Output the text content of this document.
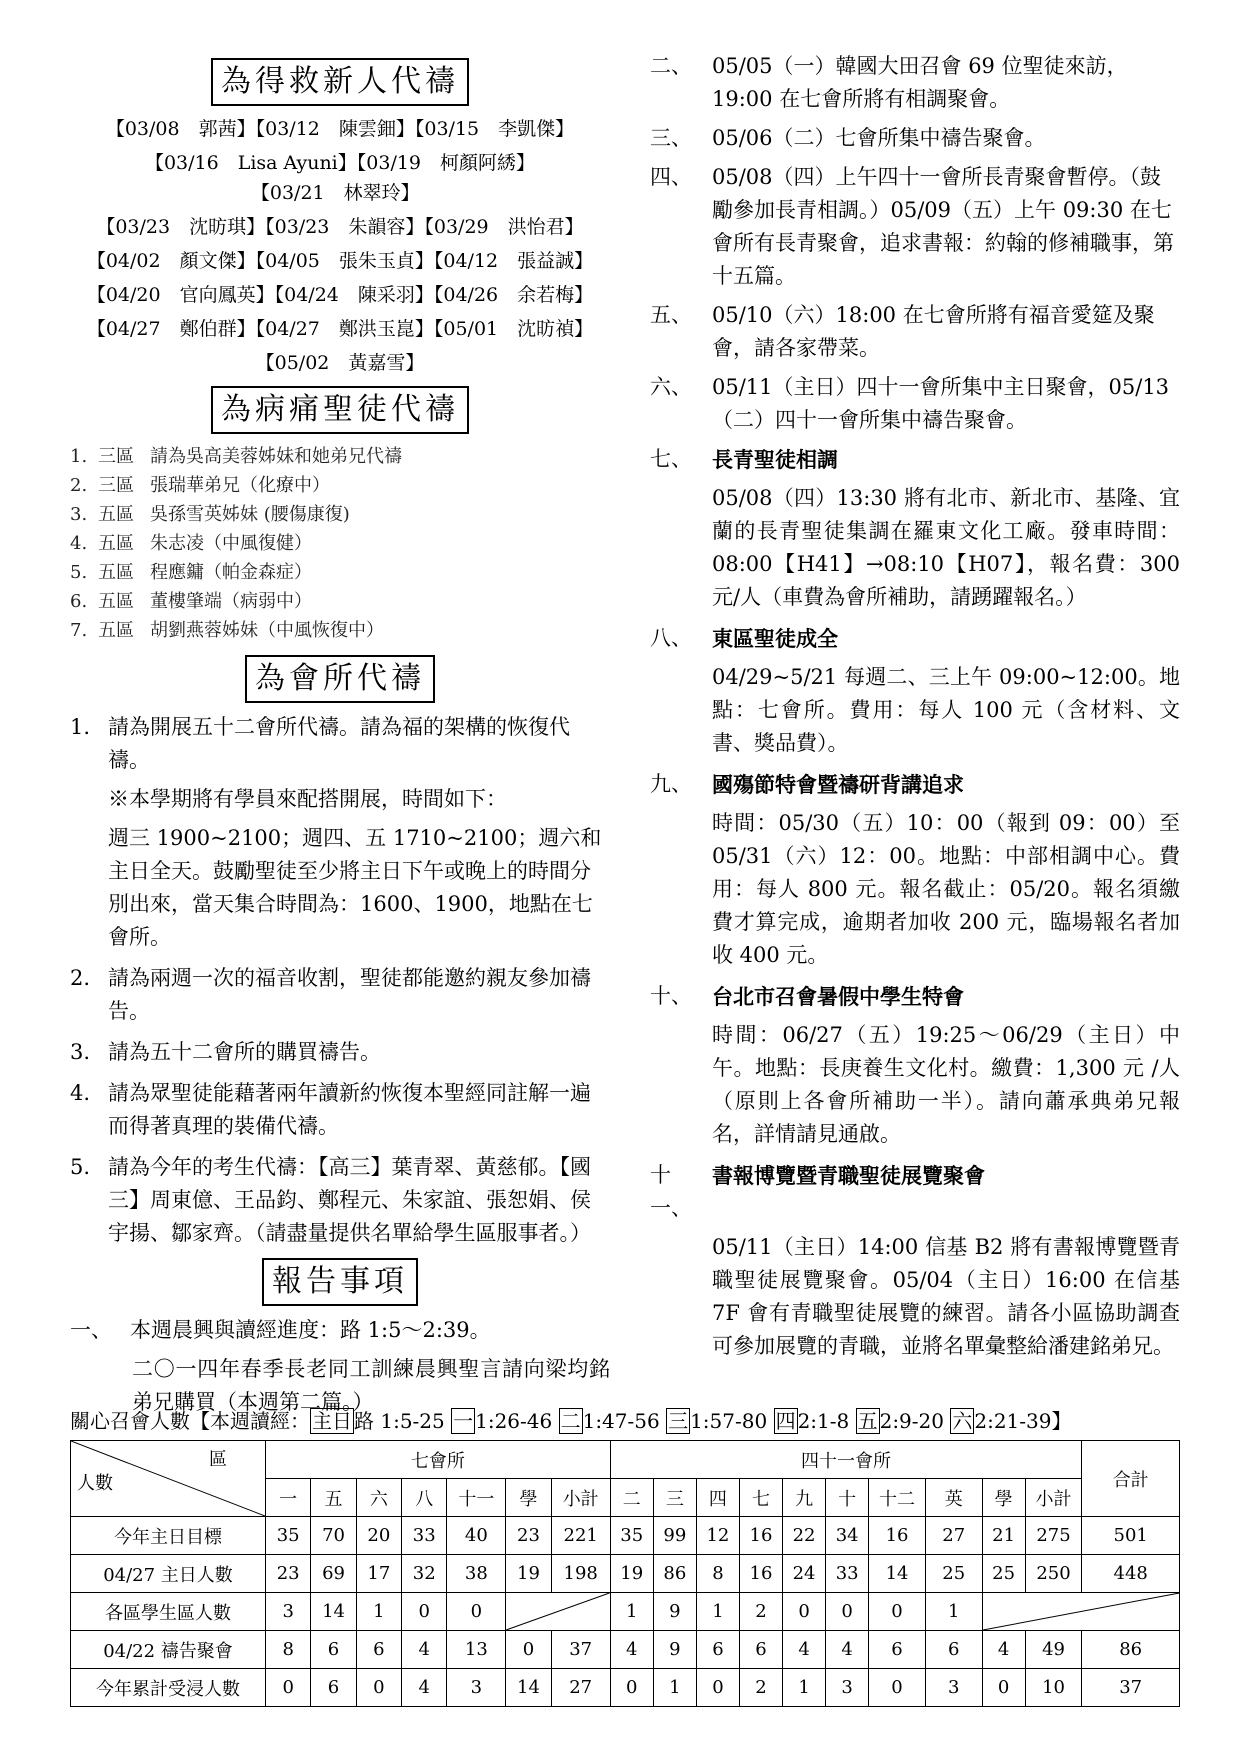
為得救新人代禱
【03/08　郭茜】【03/12　陳雲鈿】【03/15　李凱傑】
【03/16　Lisa Ayuni】【03/19　柯顏阿綉】【03/21　林翠玲】
【03/23　沈昉琪】【03/23　朱韻容】【03/29　洪怡君】
【04/02　顏文傑】【04/05　張朱玉貞】【04/12　張益誠】
【04/20　官向鳳英】【04/24　陳采羽】【04/26　余若梅】
【04/27　鄭伯群】【04/27　鄭洪玉崑】【05/01　沈昉禎】
【05/02　黃嘉雪】
為病痛聖徒代禱
1. 三區 請為吳高美蓉姊妹和她弟兄代禱
2. 三區 張瑞華弟兄（化療中）
3. 五區 吳孫雪英姊妹 (腰傷康復)
4. 五區 朱志凌（中風復健）
5. 五區 程應鏞（帕金森症）
6. 五區 董樓肇端（病弱中）
7. 五區 胡劉燕蓉姊妹（中風恢復中）
為會所代禱
1. 請為開展五十二會所代禱。請為福的架構的恢復代禱。
※本學期將有學員來配搭開展，時間如下：
週三 1900~2100；週四、五 1710~2100；週六和主日全天。鼓勵聖徒至少將主日下午或晚上的時間分別出來，當天集合時間為：1600、1900，地點在七會所。
2. 請為兩週一次的福音收割，聖徒都能邀約親友參加禱告。
3. 請為五十二會所的購買禱告。
4. 請為眾聖徒能藉著兩年讀新約恢復本聖經同註解一遍而得著真理的裝備代禱。
5. 請為今年的考生代禱：【高三】葉青翠、黃慈郁。【國三】周東億、王品鈞、鄭程元、朱家誼、張恕娟、侯宇揚、鄒家齊。（請盡量提供名單給學生區服事者。）
報告事項
一、 本週晨興與讀經進度：路 1:5～2:39。
二〇一四年春季長老同工訓練晨興聖言請向梁均銘弟兄購買（本週第二篇。）
二、 05/05（一）韓國大田召會 69 位聖徒來訪，19:00 在七會所將有相調聚會。
三、 05/06（二）七會所集中禱告聚會。
四、 05/08（四）上午四十一會所長青聚會暫停。（鼓勵參加長青相調。）05/09（五）上午 09:30 在七會所有長青聚會，追求書報：約翰的修補職事，第十五篇。
五、 05/10（六）18:00 在七會所將有福音愛筵及聚會，請各家帶菜。
六、 05/11（主日）四十一會所集中主日聚會，05/13（二）四十一會所集中禱告聚會。
七、 長青聖徒相調
05/08（四）13:30 將有北市、新北市、基隆、宜蘭的長青聖徒集調在羅東文化工廠。發車時間：08:00【H41】→08:10【H07】，報名費：300 元/人（車費為會所補助，請踴躍報名。）
八、 東區聖徒成全
04/29~5/21 每週二、三上午 09:00~12:00。地點：七會所。費用：每人 100 元（含材料、文書、獎品費）。
九、 國殤節特會暨禱研背講追求
時間：05/30（五）10：00（報到 09：00）至 05/31（六）12：00。地點：中部相調中心。費用：每人 800 元。報名截止：05/20。報名須繳費才算完成，逾期者加收 200 元，臨場報名者加收 400 元。
十、 台北市召會暑假中學生特會
時間：06/27（五）19:25～06/29（主日）中午。地點：長庚養生文化村。繳費：1,300 元 /人（原則上各會所補助一半）。請向蕭承典弟兄報名，詳情請見通啟。
十一、
書報博覽暨青職聖徒展覽聚會
05/11（主日）14:00 信基 B2 將有書報博覽暨青職聖徒展覽聚會。05/04（主日）16:00 在信基 7F 會有青職聖徒展覽的練習。請各小區協助調查可參加展覽的青職，並將名單彙整給潘建銘弟兄。
關心召會人數【本週讀經： 主日 路 1:5-25 一 1:26-46 二 1:47-56 三 1:57-80 四 2:1-8 五 2:9-20 六 2:21-39】
區
人數	七會所							四十一會所										合計
	一	五	六	八	十一	學	小計	二	三	四	七	九	十	十二	英	學	小計	
今年主日目標	35	70	20	33	40	23	221	35	99	12	16	22	34	16	27	21	275	501
04/27 主日人數	23	69	17	32	38	19	198	19	86	8	16	24	33	14	25	25	250	448
各區學生區人數	3	14	1	0	0			1	9	1	2	0	0	0	1	

04/22 禱告聚會	8	6	6	4	13	0	37	4	9	6	6	4	4	6	6	4	49	86
今年累計受浸人數	0	6	0	4	3	14	27	0	1	0	2	1	3	0	3	0	10	37
